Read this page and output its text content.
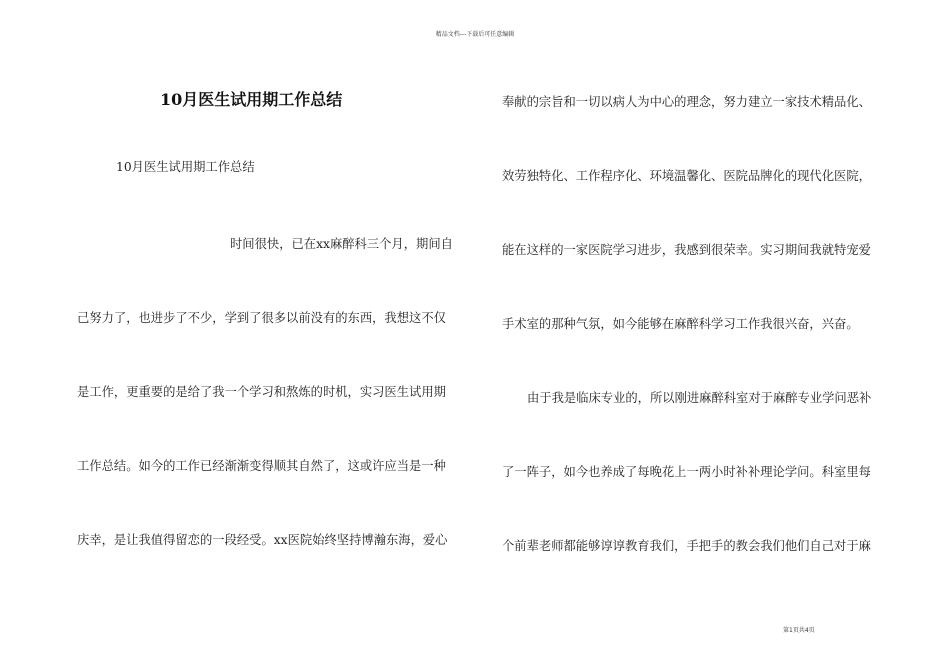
精品文档---下载后可任意编辑
10月医生试用期工作总结
10月医生试用期工作总结
时间很快，已在xx麻醉科三个月，期间自
己努力了，也进步了不少，学到了很多以前没有的东西，我想这不仅
是工作，更重要的是给了我一个学习和熬炼的时机，实习医生试用期
工作总结。如今的工作已经渐渐变得顺其自然了，这或许应当是一种
庆幸，是让我值得留恋的一段经受。xx医院始终坚持博瀚东海，爱心
奉献的宗旨和一切以病人为中心的理念，努力建立一家技术精品化、
效劳独特化、工作程序化、环境温馨化、医院品牌化的现代化医院，
能在这样的一家医院学习进步，我感到很荣幸。实习期间我就特宠爱
手术室的那种气氛，如今能够在麻醉科学习工作我很兴奋，兴奋。
由于我是临床专业的，所以刚进麻醉科室对于麻醉专业学问恶补
了一阵子，如今也养成了每晚花上一两小时补补理论学问。科室里每
个前辈老师都能够谆谆教育我们，手把手的教会我们他们自己对于麻
第1页共4页
